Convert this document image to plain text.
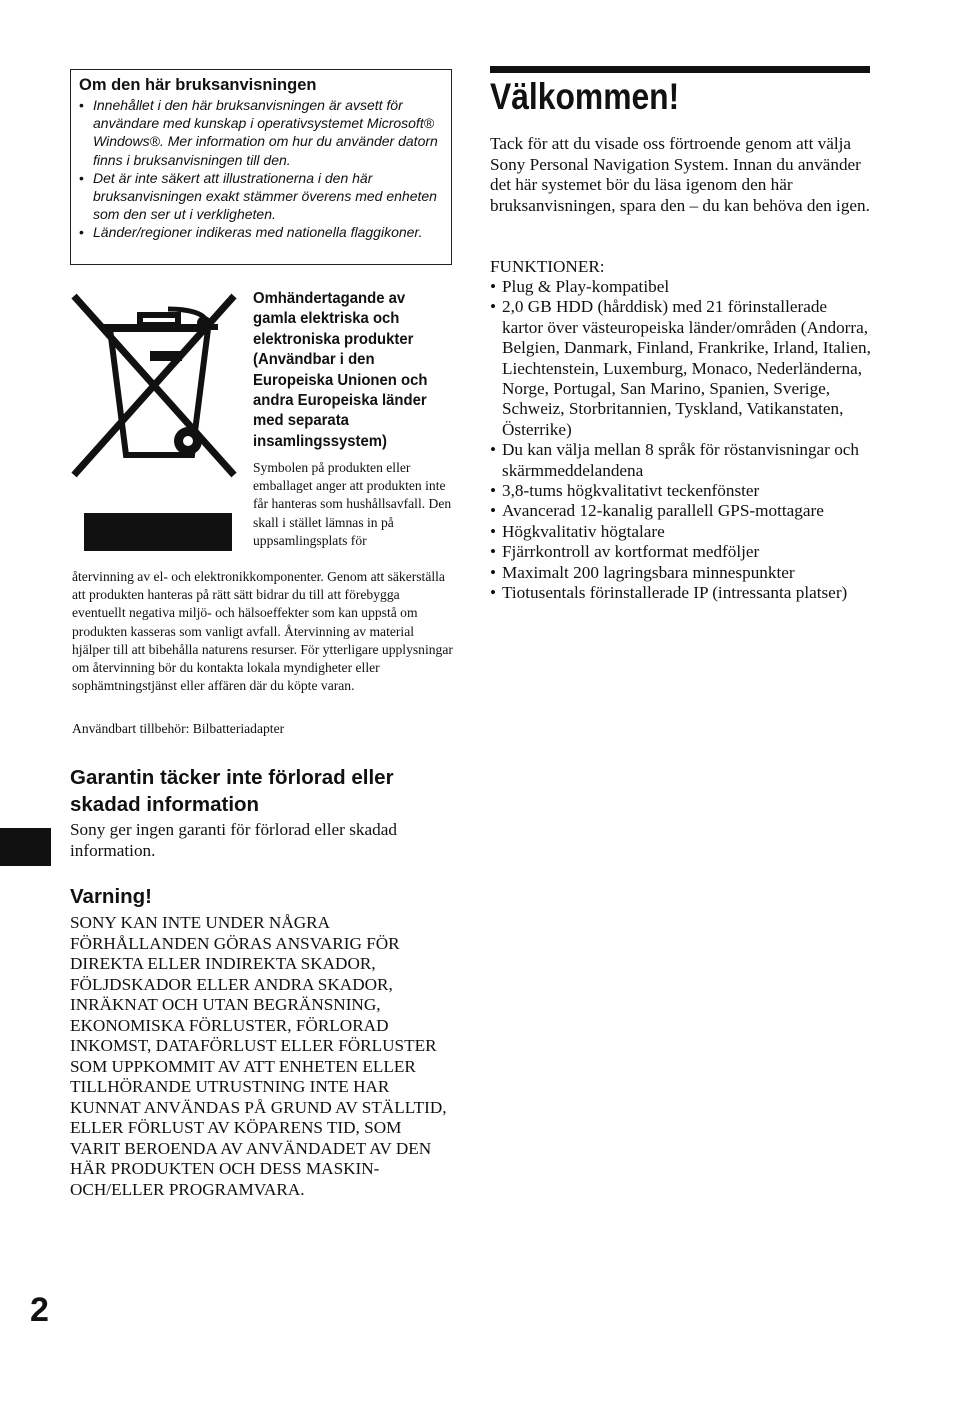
Om den här bruksanvisningen
• Innehållet i den här bruksanvisningen är avsett för användare med kunskap i operativsystemet Microsoft® Windows®. Mer information om hur du använder datorn finns i bruksanvisningen till den.
• Det är inte säkert att illustrationerna i den här bruksanvisningen exakt stämmer överens med enheten som den ser ut i verkligheten.
• Länder/regioner indikeras med nationella flaggikoner.
Omhändertagande av gamla elektriska och elektroniska produkter (Användbar i den Europeiska Unionen och andra Europeiska länder med separata insamlingssystem)
Symbolen på produkten eller emballaget anger att produkten inte får hanteras som hushållsavfall. Den skall i stället lämnas in på uppsamlingsplats för
återvinning av el- och elektronikkomponenter. Genom att säkerställa att produkten hanteras på rätt sätt bidrar du till att förebygga eventuellt negativa miljö- och hälsoeffekter som kan uppstå om produkten kasseras som vanligt avfall. Återvinning av material hjälper till att bibehålla naturens resurser. För ytterligare upplysningar om återvinning bör du kontakta lokala myndigheter eller sophämtningstjänst eller affären där du köpte varan.
Användbart tillbehör: Bilbatteriadapter
Garantin täcker inte förlorad eller skadad information
Sony ger ingen garanti för förlorad eller skadad information.
Varning!
SONY KAN INTE UNDER NÅGRA FÖRHÅLLANDEN GÖRAS ANSVARIG FÖR DIREKTA ELLER INDIREKTA SKADOR, FÖLJDSKADOR ELLER ANDRA SKADOR, INRÄKNAT OCH UTAN BEGRÄNSNING, EKONOMISKA FÖRLUSTER, FÖRLORAD INKOMST, DATAFÖRLUST ELLER FÖRLUSTER SOM UPPKOMMIT AV ATT ENHETEN ELLER TILLHÖRANDE UTRUSTNING INTE HAR KUNNAT ANVÄNDAS PÅ GRUND AV STÄLLTID, ELLER FÖRLUST AV KÖPARENS TID, SOM VARIT BEROENDA AV ANVÄNDADET AV DEN HÄR PRODUKTEN OCH DESS MASKIN- OCH/ELLER PROGRAMVARA.
2
Välkommen!
Tack för att du visade oss förtroende genom att välja Sony Personal Navigation System. Innan du använder det här systemet bör du läsa igenom den här bruksanvisningen, spara den – du kan behöva den igen.
FUNKTIONER:
• Plug & Play-kompatibel
• 2,0 GB HDD (hårddisk) med 21 förinstallerade kartor över västeuropeiska länder/områden (Andorra, Belgien, Danmark, Finland, Frankrike, Irland, Italien, Liechtenstein, Luxemburg, Monaco, Nederländerna, Norge, Portugal, San Marino, Spanien, Sverige, Schweiz, Storbritannien, Tyskland, Vatikanstaten, Österrike)
• Du kan välja mellan 8 språk för röstanvisningar och skärmmeddelandena
• 3,8-tums högkvalitativt teckenfönster
• Avancerad 12-kanalig parallell GPS-mottagare
• Högkvalitativ högtalare
• Fjärrkontroll av kortformat medföljer
• Maximalt 200 lagringsbara minnespunkter
• Tiotusentals förinstallerade IP (intressanta platser)
